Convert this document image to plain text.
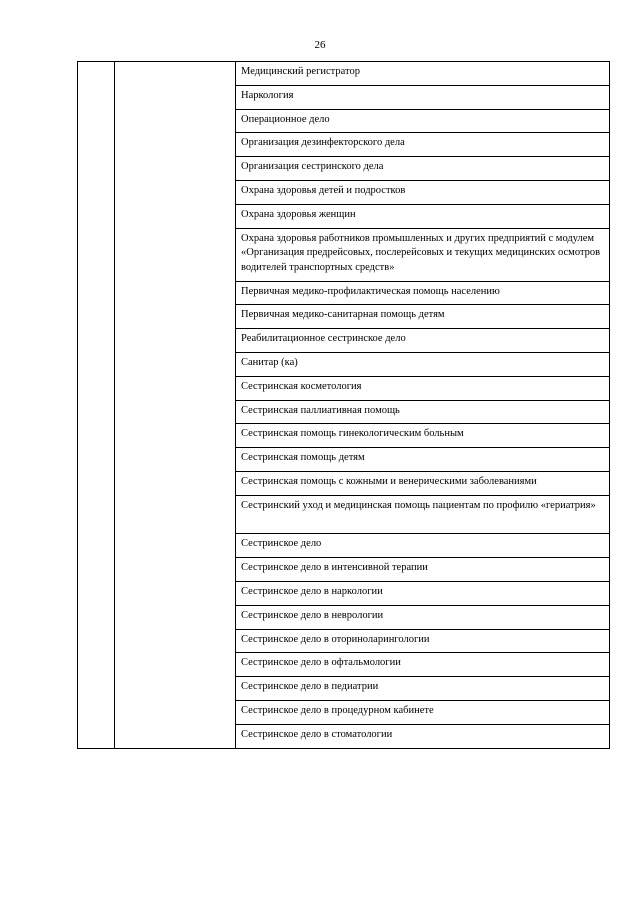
26
		Медицинский регистратор
Наркология
Операционное дело
Организация дезинфекторского дела
Организация сестринского дела
Охрана здоровья детей и подростков
Охрана здоровья женщин
Охрана здоровья работников промышленных и других предприятий с модулем «Организация предрейсовых, послерейсовых и текущих медицинских осмотров водителей транспортных средств»
Первичная медико-профилактическая помощь населению
Первичная медико-санитарная помощь детям
Реабилитационное сестринское дело
Санитар (ка)
Сестринская косметология
Сестринская паллиативная помощь
Сестринская помощь гинекологическим больным
Сестринская помощь детям
Сестринская помощь с кожными и венерическими заболеваниями
Сестринский уход и медицинская помощь пациентам по профилю «гериатрия»
Сестринское дело
Сестринское дело в интенсивной терапии
Сестринское дело в наркологии
Сестринское дело в неврологии
Сестринское дело в оториноларингологии
Сестринское дело в офтальмологии
Сестринское дело в педиатрии
Сестринское дело в процедурном кабинете
Сестринское дело в стоматологии
